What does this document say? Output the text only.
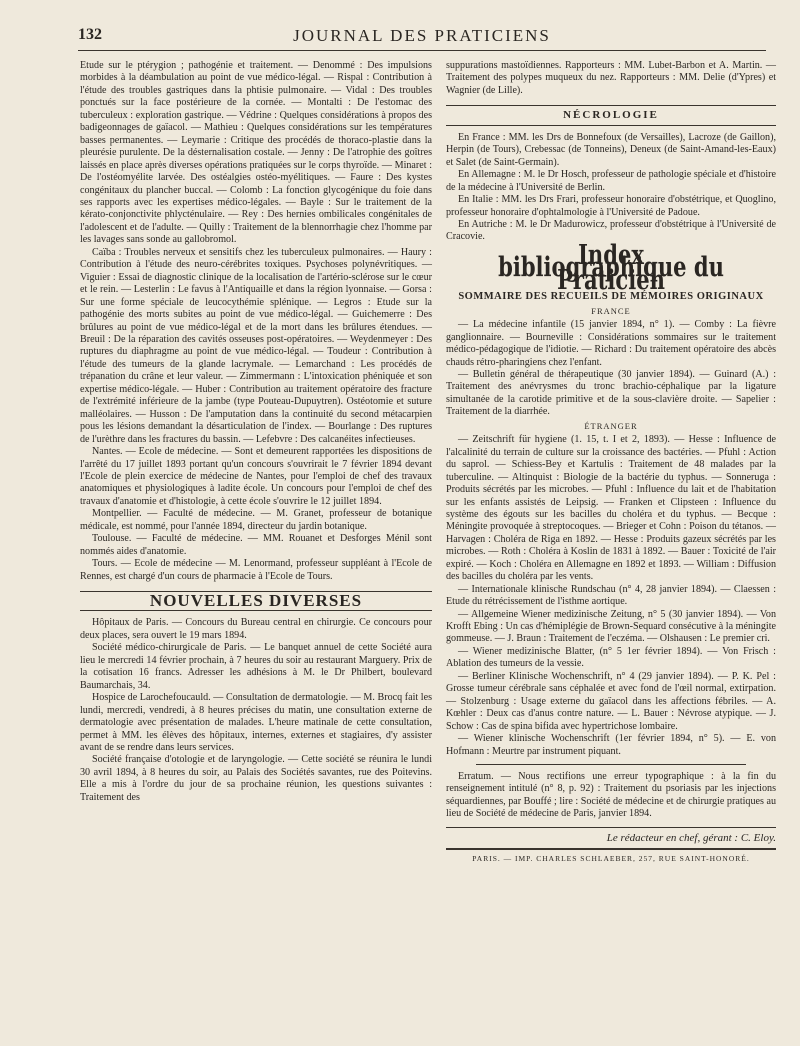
132	JOURNAL DES PRATICIENS

Etude sur le ptérygion ; pathogénie et traitement. — Denommé : Des impulsions morbides à la déambulation au point de vue médico-légal. — Rispal : Contribution à l'étude des troubles gastriques dans la phtisie pulmonaire. — Vidal : Des troubles ponctués sur la face postérieure de la cornée. — Montalti : De l'estomac des tuberculeux : exploration gastrique. — Védrine : Quelques considérations à propos des badigeonnages de gaïacol. — Mathieu : Quelques considérations sur les températures basses permanentes. — Leymarie : Critique des procédés de thoraco-plastie dans la pleurésie purulente. De la désternalisation costale. — Jenny : De l'atrophie des goîtres laissés en place après diverses opérations pratiquées sur le corps thyroïde. — Minaret : De l'ostéomyélite larvée. Des ostéalgies ostéo-myélitiques. — Faure : Des kystes congénitaux du plancher buccal. — Colomb : La fonction glycogénique du foie dans ses rapports avec les expertises médico-légales. — Bayle : Sur le traitement de la kérato-conjonctivite phlycténulaire. — Rey : Des hernies ombilicales congénitales de l'adolescent et de l'adulte. — Quilly : Traitement de la blennorrhagie chez l'homme par les lavages sans sonde au gallobromol.

Caïba : Troubles nerveux et sensitifs chez les tuberculeux pulmonaires. — Haury : Contribution à l'étude des neuro-cérébrites toxiques. Psychoses polynévritiques. — Viguier : Essai de diagnostic clinique de la localisation de l'artério-sclérose sur le cœur et le rein. — Lesterlin : Le favus à l'Antiquaille et dans la région lyonnaise. — Gorsa : Sur une forme spéciale de leucocythémie splénique. — Legros : Etude sur la pathogénie des morts subites au point de vue médico-légal. — Guichemerre : Des brûlures au point de vue médico-légal et de la mort dans les brûlures étendues. — Breuil : De la réparation des cavités osseuses post-opératoires. — Weydenmeyer : Des ruptures du diaphragme au point de vue médico-légal. — Toudeur : Contribution à l'étude des tumeurs de la glande lacrymale. — Lemarchand : Les procédés de trépanation du crâne et leur valeur. — Zimmermann : L'intoxication phéniquée et son expertise médico-légale. — Huber : Contribution au traitement opératoire des fracture de l'extrémité inférieure de la jambe (type Pouteau-Dupuytren). Ostéotomie et suture malléolaires. — Husson : De l'amputation dans la continuité du second métacarpien pous les lésions demandant la désarticulation de l'index. — Bourlange : Des ruptures de l'urèthre dans les fractures du bassin. — Lefebvre : Des calcanéites infectieuses.

Nantes. — Ecole de médecine. — Sont et demeurent rapportées les dispositions de l'arrêté du 17 juillet 1893 portant qu'un concours s'ouvrirait le 7 février 1894 devant l'Ecole de plein exercice de médecine de Nantes, pour l'emploi de chef des travaux anatomiques et physiologiques à ladite école. Un concours pour l'emploi de chef des travaux d'anatomie et d'histologie, à cette école s'ouvrire le 12 juillet 1894.

Montpellier. — Faculté de médecine. — M. Granet, professeur de botanique médicale, est nommé, pour l'année 1894, directeur du jardin botanique.

Toulouse. — Faculté de médecine. — MM. Rouanet et Desforges Ménil sont nommés aides d'anatomie.

Tours. — Ecole de médecine — M. Lenormand, professeur suppléant à l'Ecole de Rennes, est chargé d'un cours de pharmacie à l'Ecole de Tours.

NOUVELLES DIVERSES

Hôpitaux de Paris. — Concours du Bureau central en chirurgie. Ce concours pour deux places, sera ouvert le 19 mars 1894.

Société médico-chirurgicale de Paris. — Le banquet annuel de cette Société aura lieu le mercredi 14 février prochain, à 7 heures du soir au restaurant Marguery. Prix de la cotisation 16 francs. Adresser les adhésions à M. le Dr Philbert, boulevard Baumarchais, 34.

Hospice de Larochefoucauld. — Consultation de dermatologie. — M. Brocq fait les lundi, mercredi, vendredi, à 8 heures précises du matin, une consultation externe de dermatologie avec présentation de malades. L'heure matinale de cette consultation, permet à MM. les élèves des hôpitaux, internes, externes et stagiaires, d'y assister avant de se rendre dans leurs services.

Société française d'otologie et de laryngologie. — Cette société se réunira le lundi 30 avril 1894, à 8 heures du soir, au Palais des Sociétés savantes, rue des Poitevins. Elle a mis à l'ordre du jour de sa prochaine réunion, les questions suivantes : Traitement des

suppurations mastoïdiennes. Rapporteurs : MM. Lubet-Barbon et A. Martin. — Traitement des polypes muqueux du nez. Rapporteurs : MM. Delie (d'Ypres) et Wagnier (de Lille).

NÉCROLOGIE

En France : MM. les Drs de Bonnefoux (de Versailles), Lacroze (de Gaillon), Herpin (de Tours), Crebessac (de Tonneins), Deneux (de Saint-Amand-les-Eaux) et Salet (de Saint-Germain).

En Allemagne : M. le Dr Hosch, professeur de pathologie spéciale et d'histoire de la médecine à l'Université de Berlin.

En Italie : MM. les Drs Frari, professeur honoraire d'obstétrique, et Quoglino, professeur honoraire d'ophtalmologie à l'Université de Padoue.

En Autriche : M. le Dr Madurowicz, professeur d'obstétrique à l'Université de Cracovie.

Index bibliographique du Praticien
SOMMAIRE DES RECUEILS DE MÉMOIRES ORIGINAUX
FRANCE

— La médecine infantile (15 janvier 1894, n° 1). — Comby : La fièvre ganglionnaire. — Bourneville : Considérations sommaires sur le traitement médico-pédagogique de l'idiotie. — Richard : Du traitement opératoire des abcès chauds rétro-pharingiens chez l'enfant.

— Bulletin général de thérapeutique (30 janvier 1894). — Guinard (A.) : Traitement des anévrysmes du tronc brachio-céphalique par la ligature simultanée de la carotide primitive et de la sous-clavière droite. — Sapelier : Traitement de la diarrhée.

ÉTRANGER

— Zeitschrift für hygiene (1. 15, t. I et 2, 1893). — Hesse : Influence de l'alcalinité du terrain de culture sur la croissance des bactéries. — Pfuhl : Action du saprol. — Schiess-Bey et Kartulis : Traitement de 48 malades par la tuberculine. — Altinquist : Biologie de la bactérie du typhus. — Sonneruga : Produits sécrétés par les microbes. — Pfuhl : Influence du lait et de l'habitation sur les enfants assistés de Leipsig. — Franken et Clipsteen : Influence du système des égouts sur les bacilles du choléra et du typhus. — Becque : Méningite provoquée à streptocoques. — Brieger et Cohn : Poison du tétanos. — Harvagen : Choléra de Riga en 1892. — Hesse : Produits gazeux sécrétés par les microbes. — Roth : Choléra à Koslin de 1831 à 1892. — Bauer : Toxicité de l'air expiré. — Koch : Choléra en Allemagne en 1892 et 1893. — William : Diffusion des bacilles du choléra par les vents.

— Internationale klinische Rundschau (n° 4, 28 janvier 1894). — Claessen : Etude du rétrécissement de l'isthme aortique.

— Allgemeine Wiener medizinische Zeitung, n° 5 (30 janvier 1894). — Von Krofft Ebing : Un cas d'hémiplégie de Brown-Sequard consécutive à la méningite gommeuse. — J. Braun : Traitement de l'eczéma. — Olshausen : Le premier cri.

— Wiener medizinische Blatter, (n° 5 1er février 1894). — Von Frisch : Ablation des tumeurs de la vessie.

— Berliner Klinische Wochenschrift, n° 4 (29 janvier 1894). — P. K. Pel : Grosse tumeur cérébrale sans céphalée et avec fond de l'œil normal, extirpation. — Stolzenburg : Usage externe du gaïacol dans les affections fébriles. — A. Kœhler : Deux cas d'anus contre nature. — L. Bauer : Névrose atypique. — J. Schow : Cas de spina bifida avec hypertrichose lombaire.

— Wiener klinische Wochenschrift (1er février 1894, n° 5). — E. von Hofmann : Meurtre par instrument piquant.

Erratum. — Nous rectifions une erreur typographique : à la fin du renseignement intitulé (n° 8, p. 92) : Traitement du psoriasis par les injections séquardiennes, par Bouffé ; lire : Société de médecine et de chirurgie pratiques au lieu de Société de médecine de Paris, janvier 1894.

Le rédacteur en chef, gérant : C. Eloy.
PARIS. — IMP. CHARLES SCHLAEBER, 257, RUE SAINT-HONORÉ.
